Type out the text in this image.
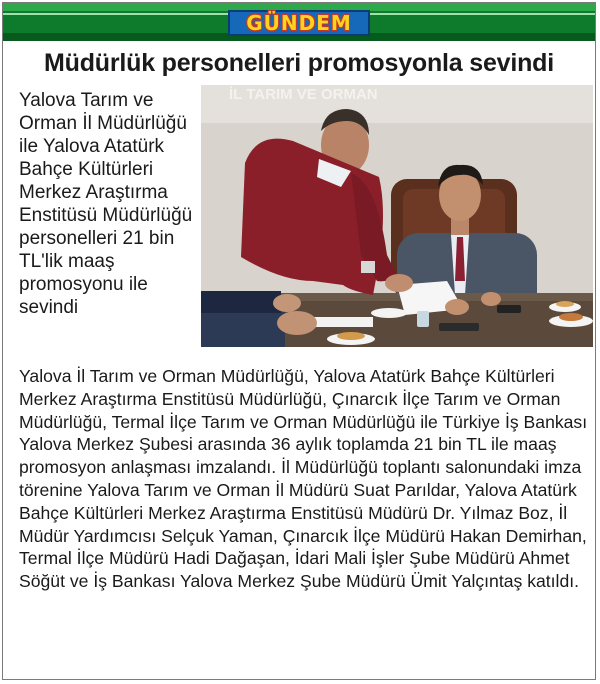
GÜNDEM
Müdürlük personelleri promosyonla sevindi
Yalova Tarım ve Orman İl Müdürlüğü ile Yalova Atatürk Bahçe Kültürleri Merkez Araştırma Enstitüsü Müdürlüğü personelleri 21 bin TL'lik maaş promosyonu ile sevindi
İL TARIM VE ORMAN
Yalova İl Tarım ve Orman Müdürlüğü, Yalova Atatürk Bahçe Kültürleri Merkez Araştırma Enstitüsü Müdürlüğü, Çınarcık İlçe Tarım ve Orman Müdürlüğü, Termal İlçe Tarım ve Orman Müdürlüğü ile Türkiye İş Bankası Yalova Merkez Şubesi arasında 36 aylık toplamda 21 bin TL ile maaş promosyon anlaşması imzalandı. İl Müdürlüğü toplantı salonundaki imza törenine Yalova Tarım ve Orman İl Müdürü Suat Parıldar, Yalova Atatürk Bahçe Kültürleri Merkez Araştırma Enstitüsü Müdürü Dr. Yılmaz Boz, İl Müdür Yardımcısı Selçuk Yaman, Çınarcık İlçe Müdürü Hakan Demirhan, Termal İlçe Müdürü Hadi Dağaşan, İdari Mali İşler Şube Müdürü Ahmet Söğüt ve İş Bankası Yalova Merkez Şube Müdürü Ümit Yalçıntaş katıldı.
